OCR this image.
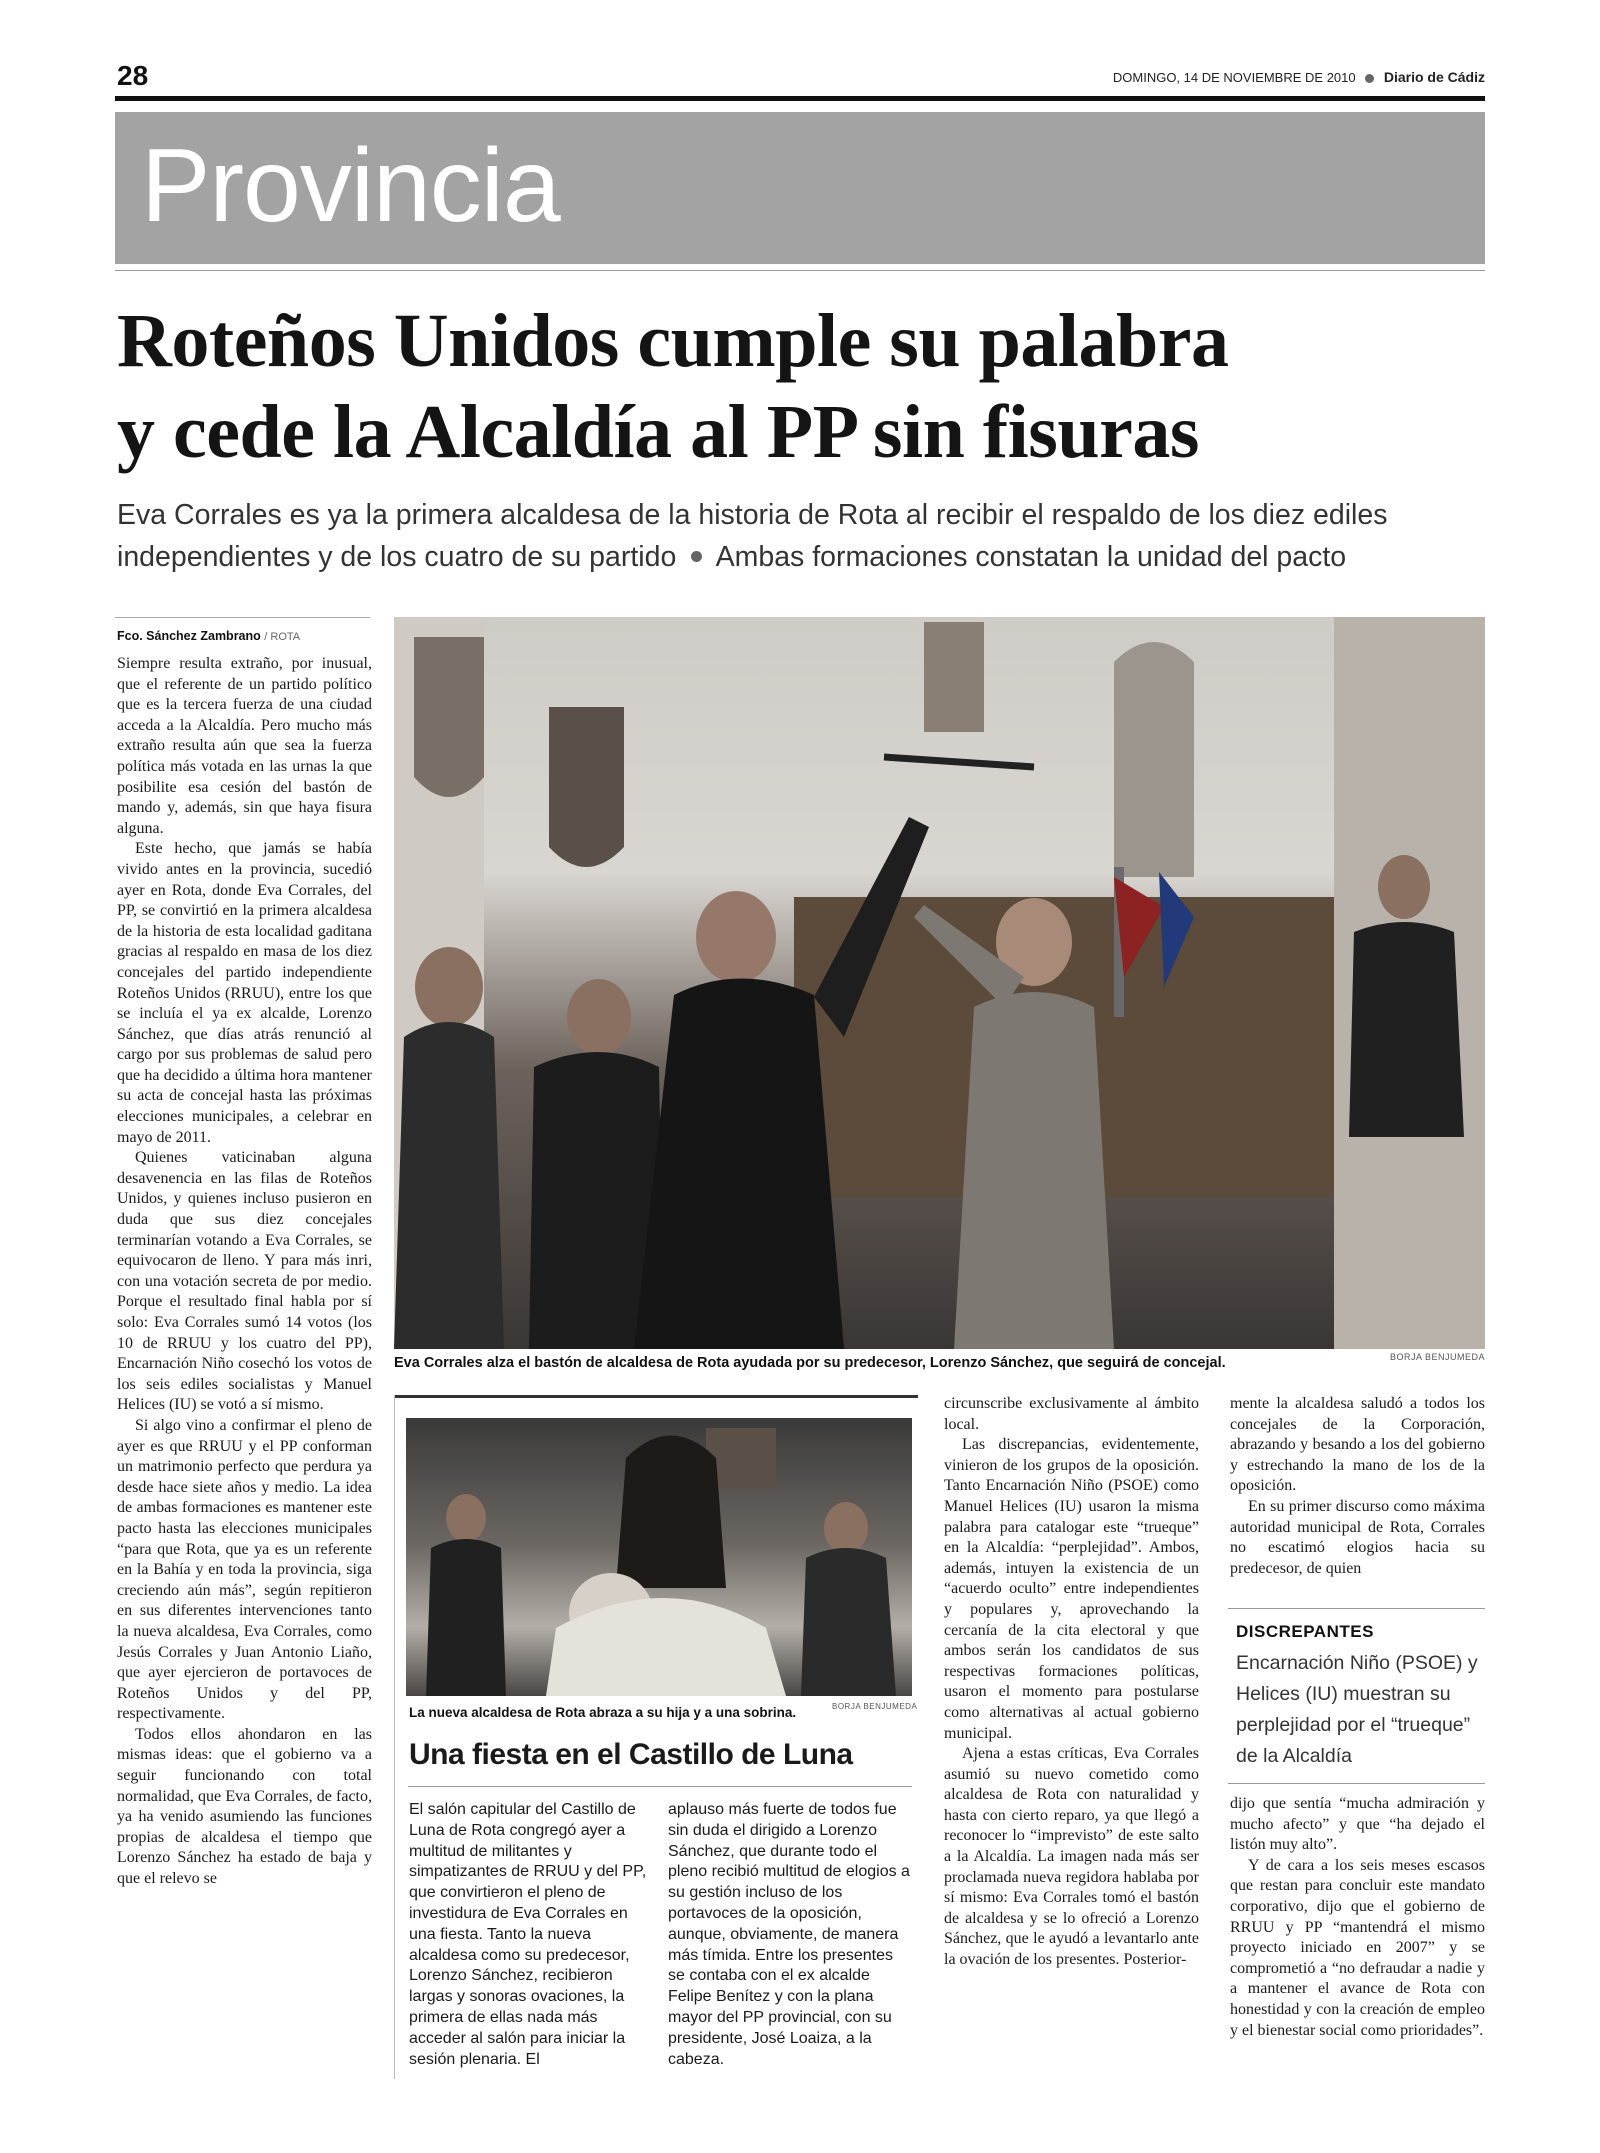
28	DOMINGO, 14 DE NOVIEMBRE DE 2010 Diario de Cádiz
Provincia
Roteños Unidos cumple su palabra
y cede la Alcaldía al PP sin fisuras
Eva Corrales es ya la primera alcaldesa de la historia de Rota al recibir el respaldo de los diez ediles
independientes y de los cuatro de su partido Ambas formaciones constatan la unidad del pacto
Fco. Sánchez Zambrano / ROTA

Siempre resulta extraño, por inusual, que el referente de un partido político que es la tercera fuerza de una ciudad acceda a la Alcaldía. Pero mucho más extraño resulta aún que sea la fuerza política más votada en las urnas la que posibilite esa cesión del bastón de mando y, además, sin que haya fisura alguna.

Este hecho, que jamás se había vivido antes en la provincia, sucedió ayer en Rota, donde Eva Corrales, del PP, se convirtió en la primera alcaldesa de la historia de esta localidad gaditana gracias al respaldo en masa de los diez concejales del partido independiente Roteños Unidos (RRUU), entre los que se incluía el ya ex alcalde, Lorenzo Sánchez, que días atrás renunció al cargo por sus problemas de salud pero que ha decidido a última hora mantener su acta de concejal hasta las próximas elecciones municipales, a celebrar en mayo de 2011.

Quienes vaticinaban alguna desavenencia en las filas de Roteños Unidos, y quienes incluso pusieron en duda que sus diez concejales terminarían votando a Eva Corrales, se equivocaron de lleno. Y para más inri, con una votación secreta de por medio. Porque el resultado final habla por sí solo: Eva Corrales sumó 14 votos (los 10 de RRUU y los cuatro del PP), Encarnación Niño cosechó los votos de los seis ediles socialistas y Manuel Helices (IU) se votó a sí mismo.

Si algo vino a confirmar el pleno de ayer es que RRUU y el PP conforman un matrimonio perfecto que perdura ya desde hace siete años y medio. La idea de ambas formaciones es mantener este pacto hasta las elecciones municipales “para que Rota, que ya es un referente en la Bahía y en toda la provincia, siga creciendo aún más”, según repitieron en sus diferentes intervenciones tanto la nueva alcaldesa, Eva Corrales, como Jesús Corrales y Juan Antonio Liaño, que ayer ejercieron de portavoces de Roteños Unidos y del PP, respectivamente.

Todos ellos ahondaron en las mismas ideas: que el gobierno va a seguir funcionando con total normalidad, que Eva Corrales, de facto, ya ha venido asumiendo las funciones propias de alcaldesa el tiempo que Lorenzo Sánchez ha estado de baja y que el relevo se

Eva Corrales alza el bastón de alcaldesa de Rota ayudada por su predecesor, Lorenzo Sánchez, que seguirá de concejal.	BORJA BENJUMEDA
La nueva alcaldesa de Rota abraza a su hija y a una sobrina.	BORJA BENJUMEDA
Una fiesta en el Castillo de Luna

El salón capitular del Castillo de Luna de Rota congregó ayer a multitud de militantes y simpatizantes de RRUU y del PP, que convirtieron el pleno de investidura de Eva Corrales en una fiesta. Tanto la nueva alcaldesa como su predecesor, Lorenzo Sánchez, recibieron largas y sonoras ovaciones, la primera de ellas nada más acceder al salón para iniciar la sesión plenaria. El

aplauso más fuerte de todos fue sin duda el dirigido a Lorenzo Sánchez, que durante todo el pleno recibió multitud de elogios a su gestión incluso de los portavoces de la oposición, aunque, obviamente, de manera más tímida. Entre los presentes se contaba con el ex alcalde Felipe Benítez y con la plana mayor del PP provincial, con su presidente, José Loaiza, a la cabeza.

circunscribe exclusivamente al ámbito local.

Las discrepancias, evidentemente, vinieron de los grupos de la oposición. Tanto Encarnación Niño (PSOE) como Manuel Helices (IU) usaron la misma palabra para catalogar este “trueque” en la Alcaldía: “perplejidad”. Ambos, además, intuyen la existencia de un “acuerdo oculto” entre independientes y populares y, aprovechando la cercanía de la cita electoral y que ambos serán los candidatos de sus respectivas formaciones políticas, usaron el momento para postularse como alternativas al actual gobierno municipal.

Ajena a estas críticas, Eva Corrales asumió su nuevo cometido como alcaldesa de Rota con naturalidad y hasta con cierto reparo, ya que llegó a reconocer lo “imprevisto” de este salto a la Alcaldía. La imagen nada más ser proclamada nueva regidora hablaba por sí mismo: Eva Corrales tomó el bastón de alcaldesa y se lo ofreció a Lorenzo Sánchez, que le ayudó a levantarlo ante la ovación de los presentes. Posterior-

mente la alcaldesa saludó a todos los concejales de la Corporación, abrazando y besando a los del gobierno y estrechando la mano de los de la oposición.

En su primer discurso como máxima autoridad municipal de Rota, Corrales no escatimó elogios hacia su predecesor, de quien

DISCREPANTES
Encarnación Niño (PSOE) y Helices (IU) muestran su perplejidad por el “trueque” de la Alcaldía

dijo que sentía “mucha admiración y mucho afecto” y que “ha dejado el listón muy alto”.

Y de cara a los seis meses escasos que restan para concluir este mandato corporativo, dijo que el gobierno de RRUU y PP “mantendrá el mismo proyecto iniciado en 2007” y se comprometió a “no defraudar a nadie y a mantener el avance de Rota con honestidad y con la creación de empleo y el bienestar social como prioridades”.
